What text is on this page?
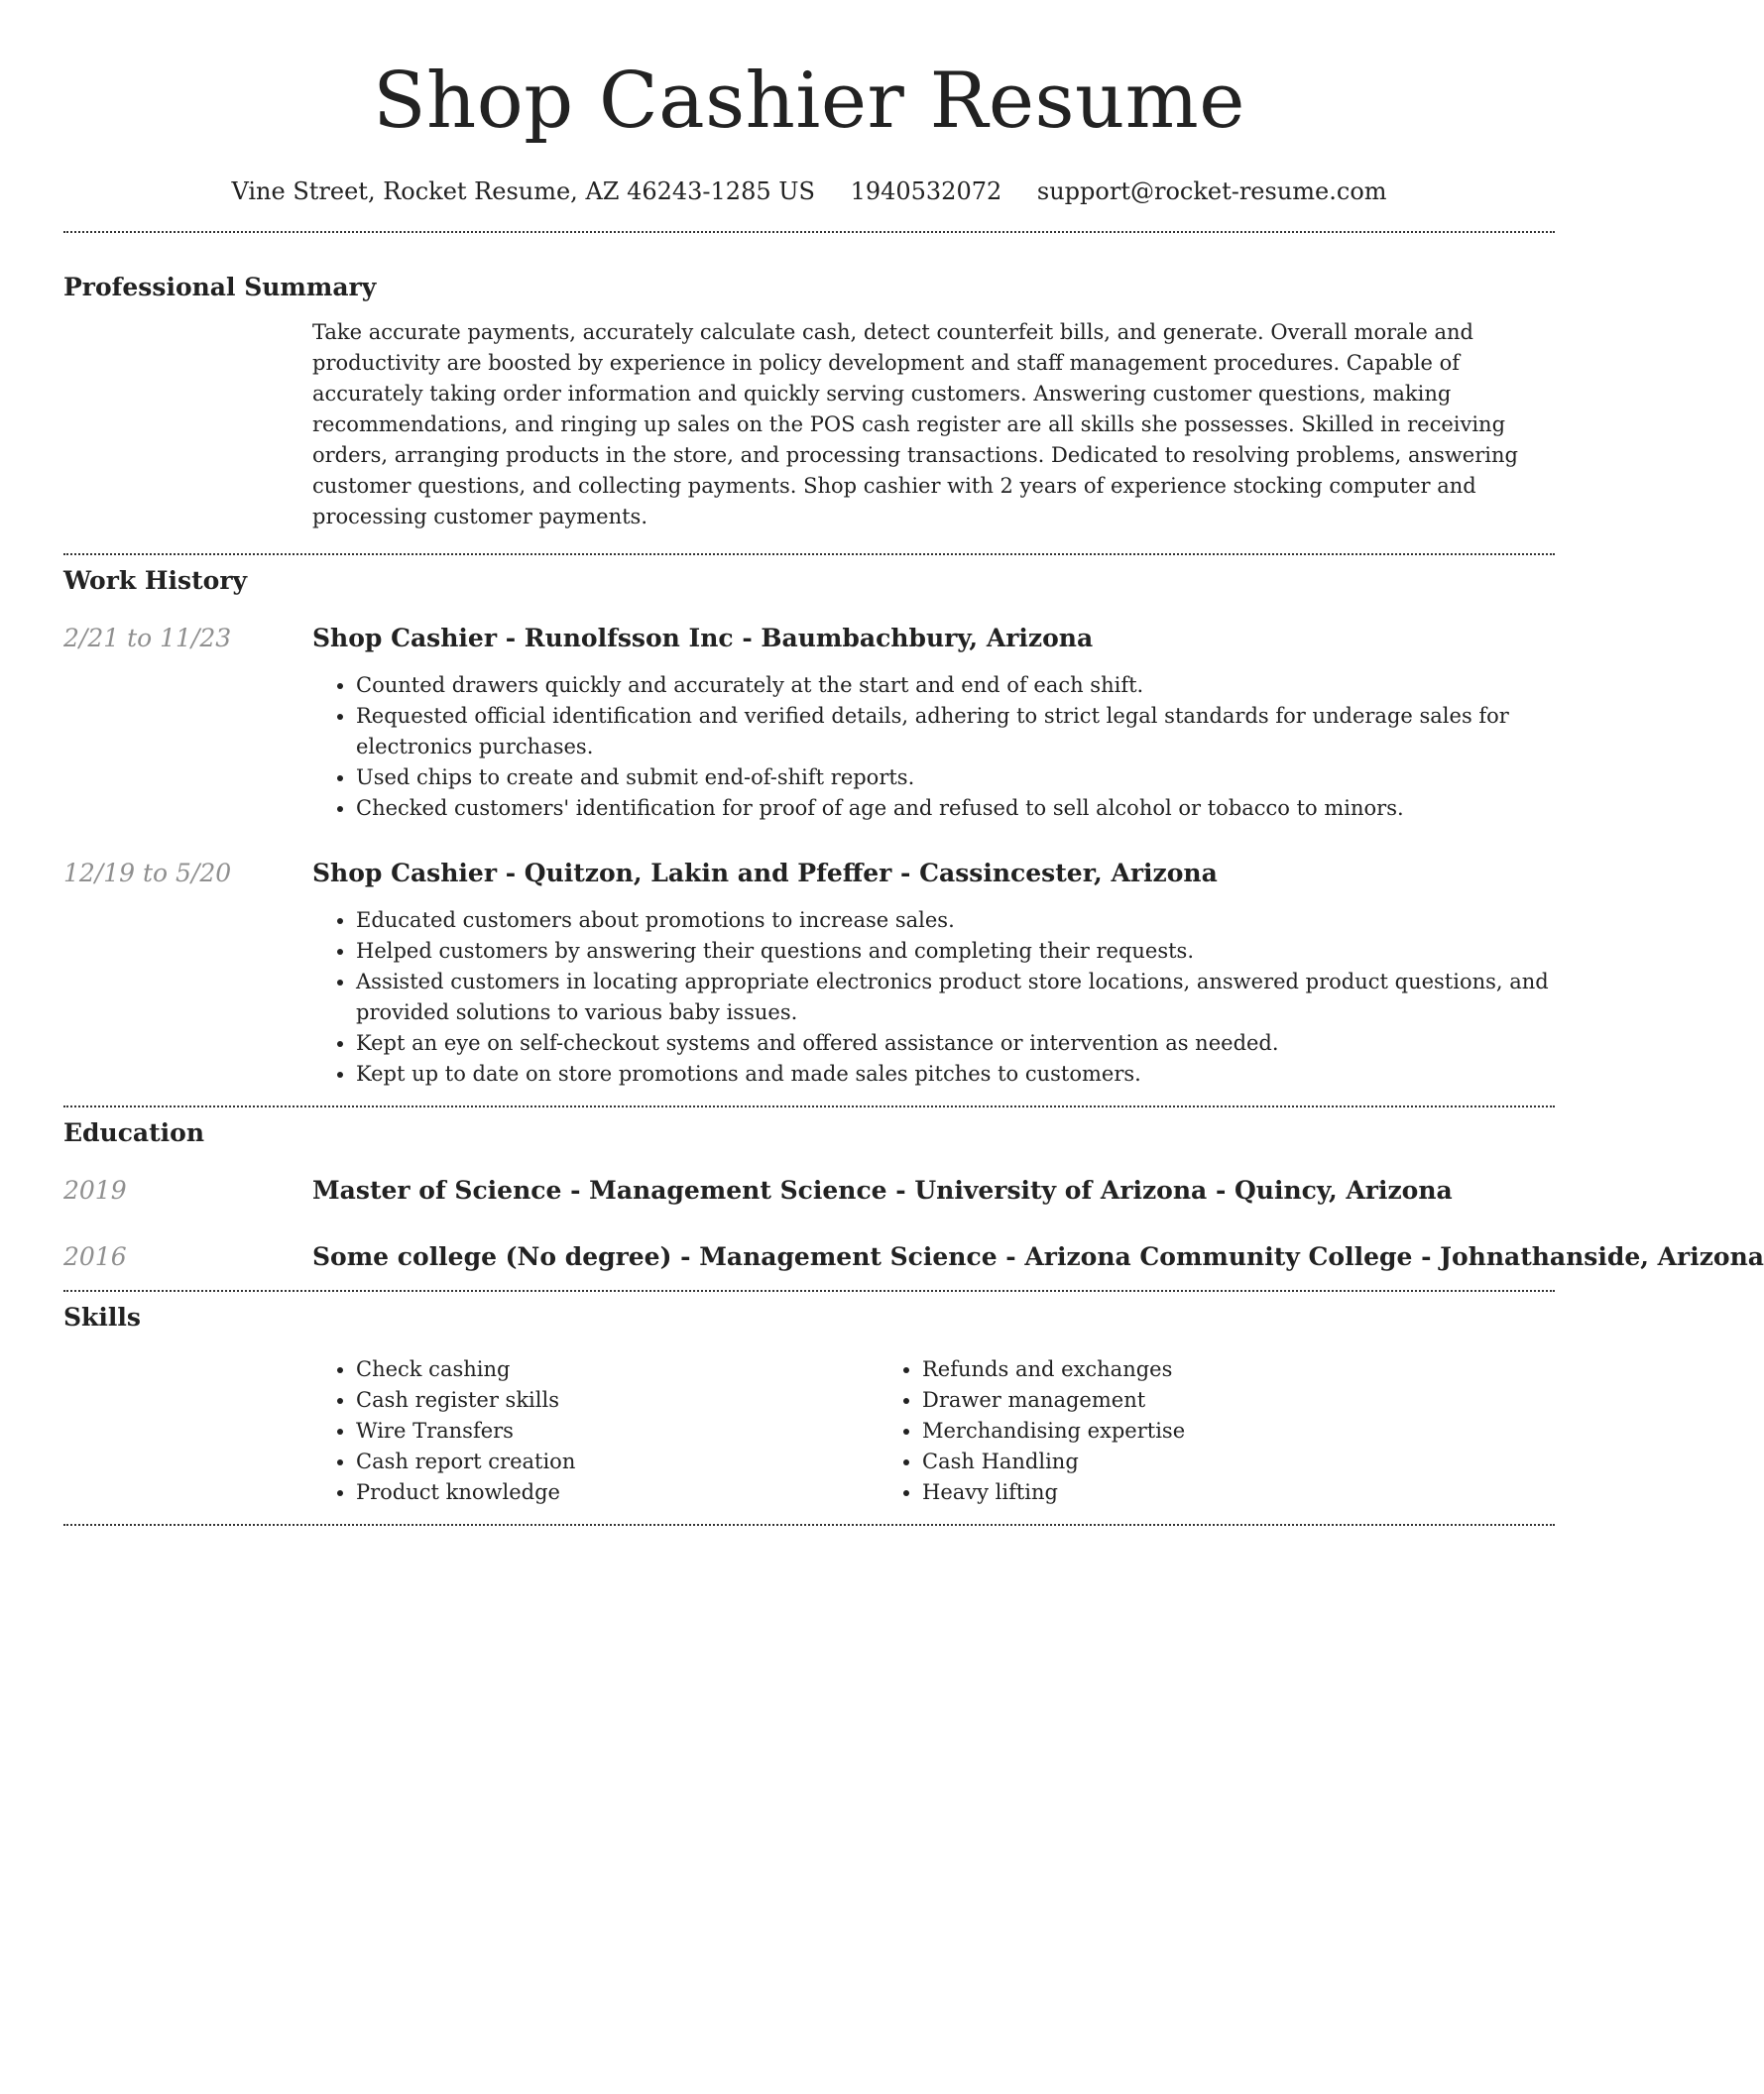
Shop Cashier Resume
Vine Street, Rocket Resume, AZ 46243-1285 US 1940532072 support@rocket-resume.com
Professional Summary

Take accurate payments, accurately calculate cash, detect counterfeit bills, and generate. Overall morale and productivity are boosted by experience in policy development and staff management procedures. Capable of accurately taking order information and quickly serving customers. Answering customer questions, making recommendations, and ringing up sales on the POS cash register are all skills she possesses. Skilled in receiving orders, arranging products in the store, and processing transactions. Dedicated to resolving problems, answering customer questions, and collecting payments. Shop cashier with 2 years of experience stocking computer and processing customer payments.

Work History
2/21 to 11/23	Shop Cashier - Runolfsson Inc - Baumbachbury, Arizona
• Counted drawers quickly and accurately at the start and end of each shift.
• Requested official identification and verified details, adhering to strict legal standards for underage sales for electronics purchases.
• Used chips to create and submit end-of-shift reports.
• Checked customers' identification for proof of age and refused to sell alcohol or tobacco to minors.
12/19 to 5/20	Shop Cashier - Quitzon, Lakin and Pfeffer - Cassincester, Arizona
• Educated customers about promotions to increase sales.
• Helped customers by answering their questions and completing their requests.
• Assisted customers in locating appropriate electronics product store locations, answered product questions, and provided solutions to various baby issues.
• Kept an eye on self-checkout systems and offered assistance or intervention as needed.
• Kept up to date on store promotions and made sales pitches to customers.
Education
2019	Master of Science - Management Science - University of Arizona - Quincy, Arizona
2016	Some college (No degree) - Management Science - Arizona Community College - Johnathanside, Arizona
Skills
• Check cashing
• Cash register skills
• Wire Transfers
• Cash report creation
• Product knowledge
• Refunds and exchanges
• Drawer management
• Merchandising expertise
• Cash Handling
• Heavy lifting
